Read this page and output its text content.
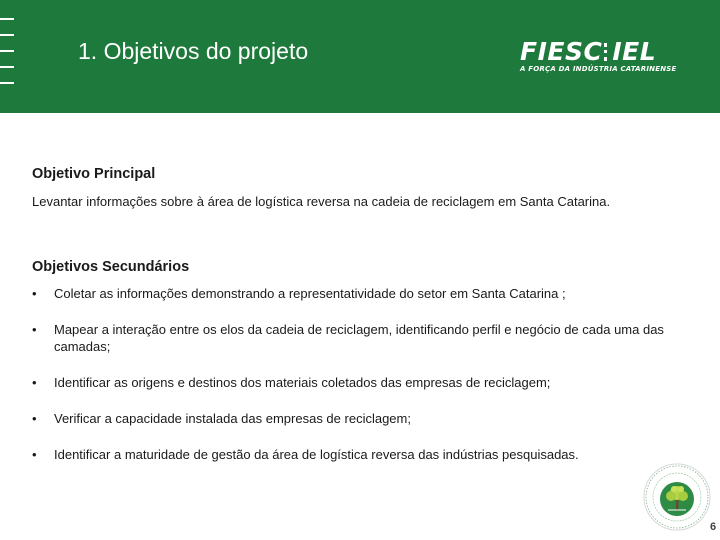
1. Objetivos do projeto	FIESC IEL
A FORÇA DA INDÚSTRIA CATARINENSE
Objetivo Principal

Levantar informações sobre à área de logística reversa na cadeia de reciclagem em Santa Catarina.

Objetivos Secundários
• Coletar as informações demonstrando a representatividade do setor em Santa Catarina ;
• Mapear a interação entre os elos da cadeia de reciclagem, identificando perfil e negócio de cada uma das camadas;
• Identificar as origens e destinos dos materiais coletados das empresas de reciclagem;
• Verificar a capacidade instalada das empresas de reciclagem;
• Identificar a maturidade de gestão da área de logística reversa das indústrias pesquisadas.
6
